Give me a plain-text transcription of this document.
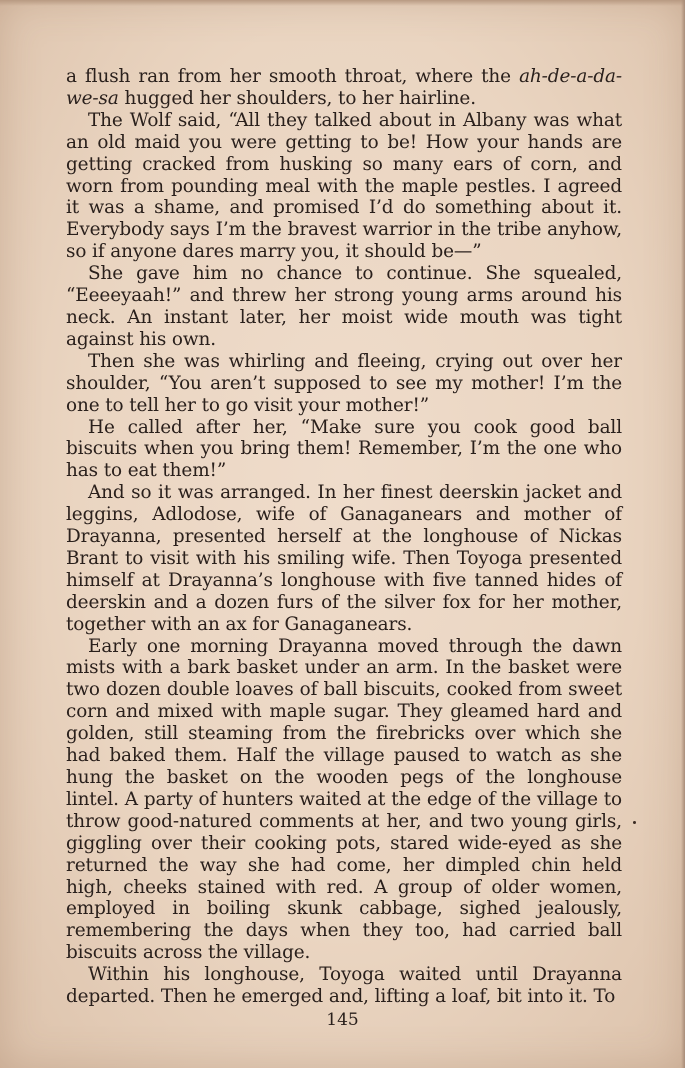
a flush ran from her smooth throat, where the ah-de-a-da-we-sa hugged her shoulders, to her hairline.

The Wolf said, “All they talked about in Albany was what an old maid you were getting to be! How your hands are getting cracked from husking so many ears of corn, and worn from pounding meal with the maple pestles. I agreed it was a shame, and promised I’d do something about it. Everybody says I’m the bravest warrior in the tribe anyhow, so if anyone dares marry you, it should be—”

She gave him no chance to continue. She squealed, “Eeeeyaah!” and threw her strong young arms around his neck. An instant later, her moist wide mouth was tight against his own.

Then she was whirling and fleeing, crying out over her shoulder, “You aren’t supposed to see my mother! I’m the one to tell her to go visit your mother!”

He called after her, “Make sure you cook good ball biscuits when you bring them! Remember, I’m the one who has to eat them!”

And so it was arranged. In her finest deerskin jacket and leggins, Adlodose, wife of Ganaganears and mother of Drayanna, presented herself at the longhouse of Nickas Brant to visit with his smiling wife. Then Toyoga presented himself at Drayanna’s longhouse with five tanned hides of deerskin and a dozen furs of the silver fox for her mother, together with an ax for Ganaganears.

Early one morning Drayanna moved through the dawn mists with a bark basket under an arm. In the basket were two dozen double loaves of ball biscuits, cooked from sweet corn and mixed with maple sugar. They gleamed hard and golden, still steaming from the firebricks over which she had baked them. Half the village paused to watch as she hung the basket on the wooden pegs of the longhouse lintel. A party of hunters waited at the edge of the village to throw good-natured comments at her, and two young girls, giggling over their cooking pots, stared wide-eyed as she returned the way she had come, her dimpled chin held high, cheeks stained with red. A group of older women, employed in boiling skunk cabbage, sighed jealously, remembering the days when they too, had carried ball biscuits across the village.

Within his longhouse, Toyoga waited until Drayanna departed. Then he emerged and, lifting a loaf, bit into it. To

145
